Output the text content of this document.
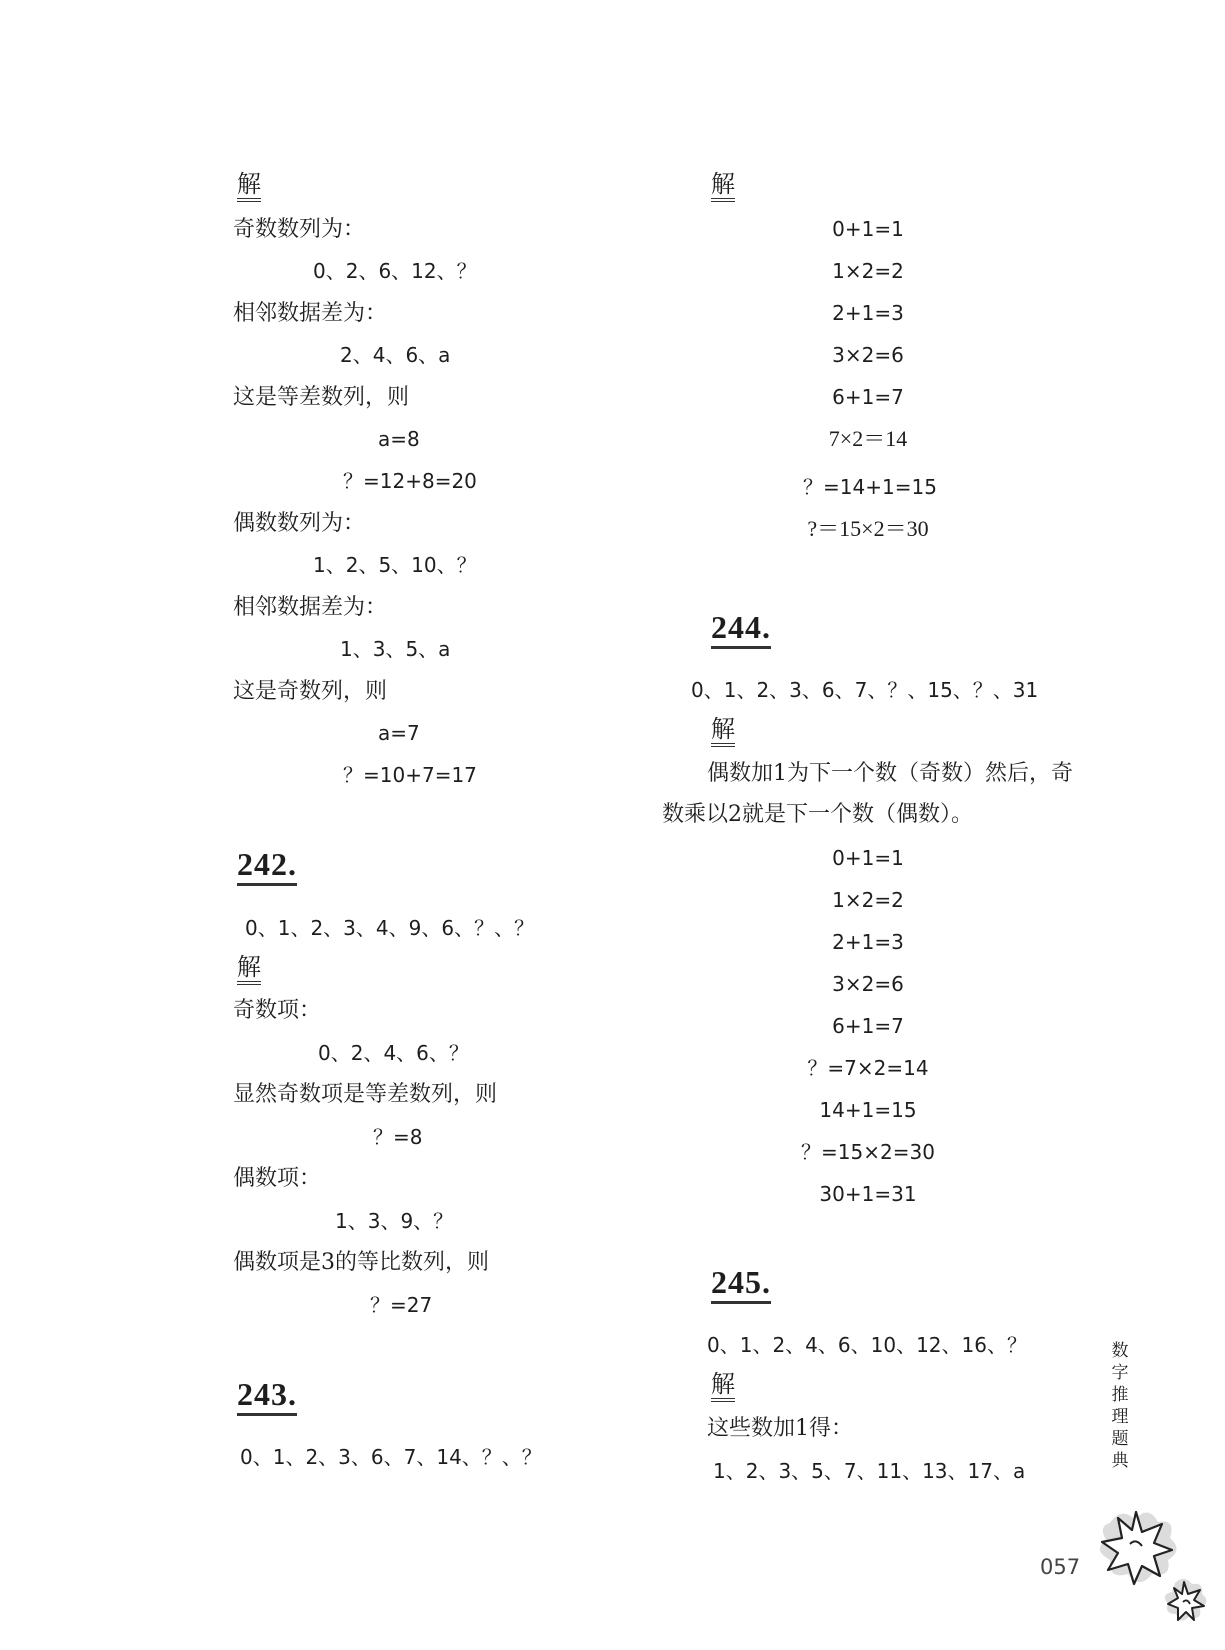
解
奇数数列为：
0、2、6、12、？
相邻数据差为：
2、4、6、a
这是等差数列，则
a=8
？=12+8=20
偶数数列为：
1、2、5、10、？
相邻数据差为：
1、3、5、a
这是奇数列，则
a=7
？=10+7=17
242.
0、1、2、3、4、9、6、？、？
解
奇数项：
0、2、4、6、？
显然奇数项是等差数列，则
？=8
偶数项：
1、3、9、？
偶数项是3的等比数列，则
？=27
243.
0、1、2、3、6、7、14、？、？
解
0+1=1
1×2=2
2+1=3
3×2=6
6+1=7
7×2＝14
？=14+1=15
?＝15×2＝30
244.
0、1、2、3、6、7、？、15、？、31
解
偶数加1为下一个数（奇数）然后，奇
数乘以2就是下一个数（偶数）。
0+1=1
1×2=2
2+1=3
3×2=6
6+1=7
？=7×2=14
14+1=15
？=15×2=30
30+1=31
245.
0、1、2、4、6、10、12、16、？
解
这些数加1得：
1、2、3、5、7、11、13、17、a
数字推理题典
057
